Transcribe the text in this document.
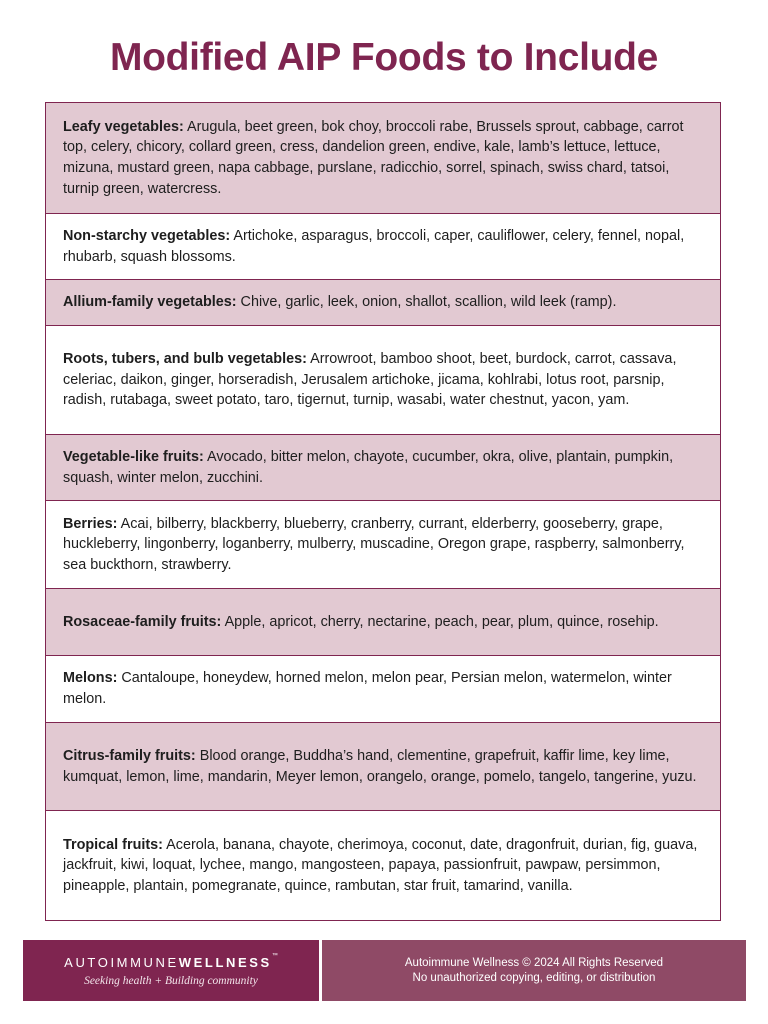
Modified AIP Foods to Include
Leafy vegetables: Arugula, beet green, bok choy, broccoli rabe, Brussels sprout, cabbage, carrot top, celery, chicory, collard green, cress, dandelion green, endive, kale, lamb’s lettuce, lettuce, mizuna, mustard green, napa cabbage, purslane, radicchio, sorrel, spinach, swiss chard, tatsoi, turnip green, watercress.
Non-starchy vegetables: Artichoke, asparagus, broccoli, caper, cauliflower, celery, fennel, nopal, rhubarb, squash blossoms.
Allium-family vegetables: Chive, garlic, leek, onion, shallot, scallion, wild leek (ramp).
Roots, tubers, and bulb vegetables: Arrowroot, bamboo shoot, beet, burdock, carrot, cassava, celeriac, daikon, ginger, horseradish, Jerusalem artichoke, jicama, kohlrabi, lotus root, parsnip, radish, rutabaga, sweet potato, taro, tigernut, turnip, wasabi, water chestnut, yacon, yam.
Vegetable-like fruits: Avocado, bitter melon, chayote, cucumber, okra, olive, plantain, pumpkin, squash, winter melon, zucchini.
Berries: Acai, bilberry, blackberry, blueberry, cranberry, currant, elderberry, gooseberry, grape, huckleberry, lingonberry, loganberry, mulberry, muscadine, Oregon grape, raspberry, salmonberry, sea buckthorn, strawberry.
Rosaceae-family fruits: Apple, apricot, cherry, nectarine, peach, pear, plum, quince, rosehip.
Melons: Cantaloupe, honeydew, horned melon, melon pear, Persian melon, watermelon, winter melon.
Citrus-family fruits: Blood orange, Buddha’s hand, clementine, grapefruit, kaffir lime, key lime, kumquat, lemon, lime, mandarin, Meyer lemon, orangelo, orange, pomelo, tangelo, tangerine, yuzu.
Tropical fruits: Acerola, banana, chayote, cherimoya, coconut, date, dragonfruit, durian, fig, guava, jackfruit, kiwi, loquat, lychee, mango, mangosteen, papaya, passionfruit, pawpaw, persimmon, pineapple, plantain, pomegranate, quince, rambutan, star fruit, tamarind, vanilla.
AUTOIMMUNEWELLNESS™
Seeking health + Building community
Autoimmune Wellness © 2024 All Rights Reserved
No unauthorized copying, editing, or distribution
